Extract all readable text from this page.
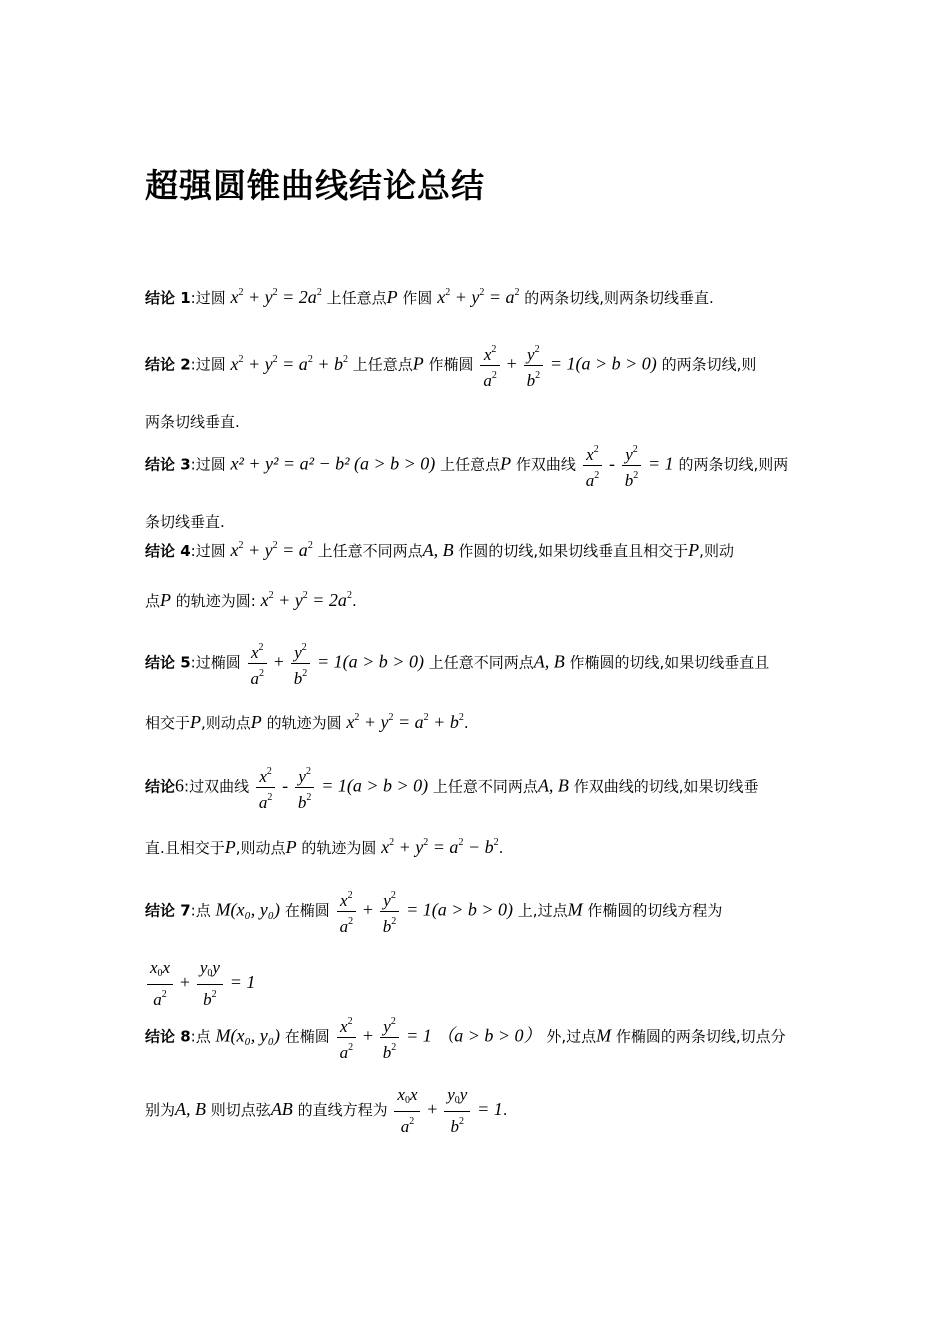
超强圆锥曲线结论总结
结论 1:过圆 $x^2 + y^2 = 2a^2$ 上任意点P 作圆 $x^2 + y^2 = a^2$ 的两条切线,则两条切线垂直.
结论 2:过圆 $x^2 + y^2 = a^2 + b^2$ 上任意点P 作椭圆 $\frac{x^2}{a^2} + \frac{y^2}{b^2} = 1(a > b > 0)$ 的两条切线,则
两条切线垂直.
结论 3:过圆 x² + y² = a² − b² (a > b > 0) 上任意点P 作双曲线 $\frac{x^2}{a^2} - \frac{y^2}{b^2} = 1$ 的两条切线,则两
条切线垂直.
结论 4:过圆 $x^2 + y^2 = a^2$ 上任意不同两点A, B 作圆的切线,如果切线垂直且相交于P,则动
点P 的轨迹为圆: $x^2 + y^2 = 2a^2$.
结论 5:过椭圆 $\frac{x^2}{a^2} + \frac{y^2}{b^2} = 1(a > b > 0)$ 上任意不同两点A, B 作椭圆的切线,如果切线垂直且
相交于P,则动点P 的轨迹为圆 $x^2 + y^2 = a^2 + b^2$.
结论6:过双曲线 $\frac{x^2}{a^2} - \frac{y^2}{b^2} = 1(a > b > 0)$ 上任意不同两点A, B 作双曲线的切线,如果切线垂
直.且相交于P,则动点P 的轨迹为圆 $x^2 + y^2 = a^2 - b^2$.
结论 7:点 M(x₀, y₀) 在椭圆 $\frac{x^2}{a^2} + \frac{y^2}{b^2} = 1(a > b > 0)$ 上,过点M 作椭圆的切线方程为
$\frac{x_0x}{a^2} + \frac{y_0y}{b^2} = 1$
结论 8:点 M(x₀, y₀) 在椭圆 $\frac{x^2}{a^2} + \frac{y^2}{b^2} = 1$ （a > b > 0） 外,过点M 作椭圆的两条切线,切点分
别为A, B 则切点弦AB 的直线方程为 $\frac{x_0x}{a^2} + \frac{y_0y}{b^2} = 1$.
